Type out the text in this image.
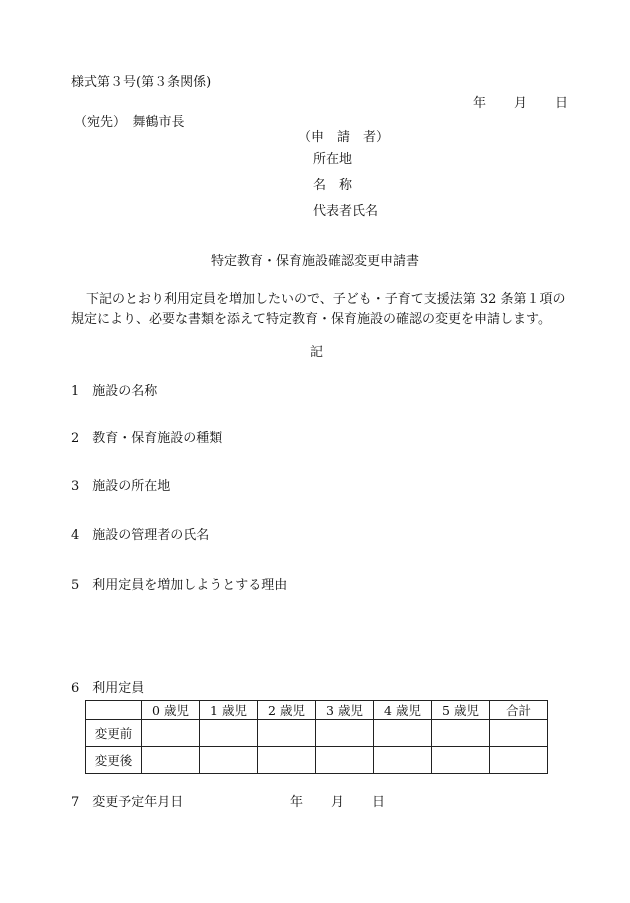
様式第３号(第３条関係)
年 月 日
（宛先）　舞鶴市長
（申　請　者）
所在地
名　称
代表者氏名
特定教育・保育施設確認変更申請書
下記のとおり利用定員を増加したいので、子ども・子育て支援法第 32 条第１項の
規定により、必要な書類を添えて特定教育・保育施設の確認の変更を申請します。
記
1　施設の名称
2　教育・保育施設の種類
3　施設の所在地
4　施設の管理者の氏名
5　利用定員を増加しようとする理由
6　利用定員
	0 歳児	1 歳児	2 歳児	3 歳児	4 歳児	5 歳児	合計
変更前							
変更後							
7　変更予定年月日	年 月 日
